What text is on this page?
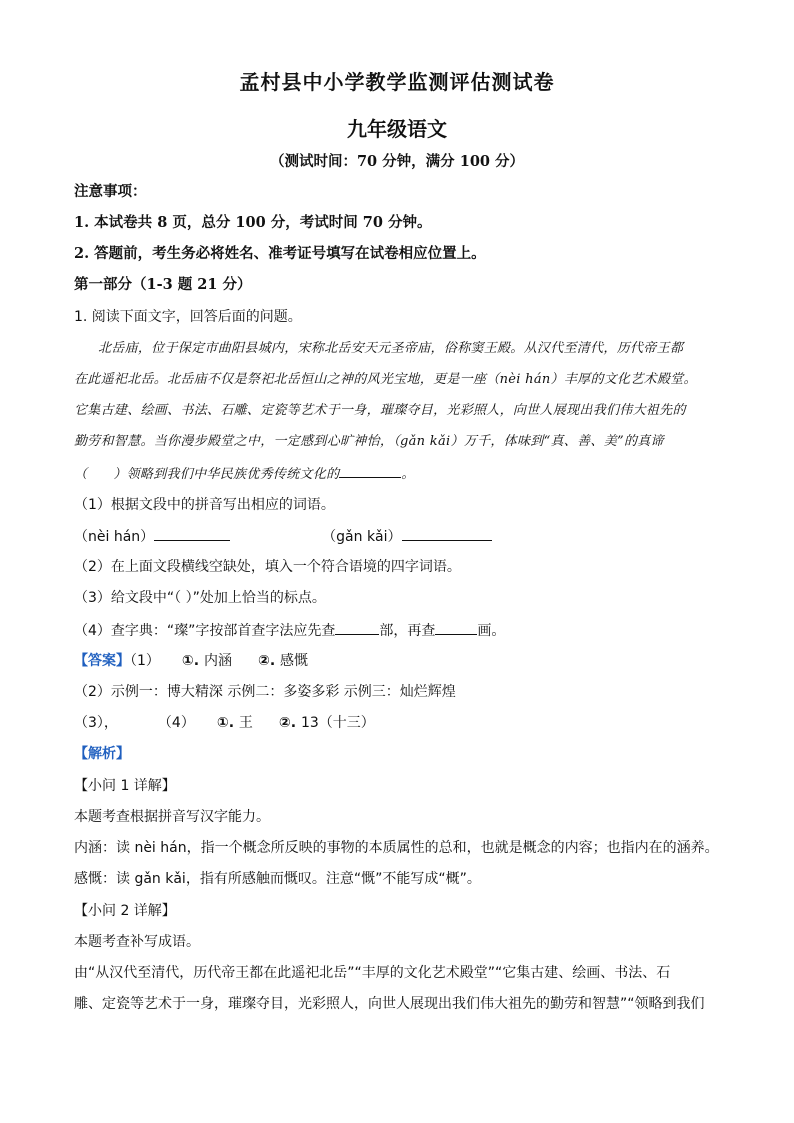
孟村县中小学教学监测评估测试卷
九年级语文
（测试时间：70 分钟，满分 100 分）
注意事项：
1. 本试卷共 8 页，总分 100 分，考试时间 70 分钟。
2. 答题前，考生务必将姓名、准考证号填写在试卷相应位置上。
第一部分（1-3 题 21 分）
1. 阅读下面文字，回答后面的问题。
北岳庙，位于保定市曲阳县城内，宋称北岳安天元圣帝庙，俗称窦王殿。从汉代至清代，历代帝王都
在此遥祀北岳。北岳庙不仅是祭祀北岳恒山之神的风光宝地，更是一座（nèi hán）丰厚的文化艺术殿堂。
它集古建、绘画、书法、石雕、定瓷等艺术于一身，璀璨夺目，光彩照人，向世人展现出我们伟大祖先的
勤劳和智慧。当你漫步殿堂之中，一定感到心旷神怡，（gǎn kǎi）万千，体味到“真、善、美”的真谛
（ ）领略到我们中华民族优秀传统文化的	。
（1）根据文段中的拼音写出相应的词语。
（nèi hán）	（gǎn kǎi）
（2）在上面文段横线空缺处，填入一个符合语境的四字词语。
（3）给文段中“（ ）”处加上恰当的标点。
（4）查字典：“璨”字按部首查字法应先查	部，再查	画。
【答案】（1） ①. 内涵 ②. 感慨
（2）示例一：博大精深 示例二：多姿多彩 示例三：灿烂辉煌
（3），	（4） ①. 王 ②. 13（十三）
【解析】
【小问 1 详解】
本题考查根据拼音写汉字能力。
内涵：读 nèi hán，指一个概念所反映的事物的本质属性的总和，也就是概念的内容；也指内在的涵养。
感慨：读 gǎn kǎi，指有所感触而慨叹。注意“慨”不能写成“概”。
【小问 2 详解】
本题考查补写成语。
由“从汉代至清代，历代帝王都在此遥祀北岳”“丰厚的文化艺术殿堂”“它集古建、绘画、书法、石
雕、定瓷等艺术于一身，璀璨夺目，光彩照人，向世人展现出我们伟大祖先的勤劳和智慧”“领略到我们
